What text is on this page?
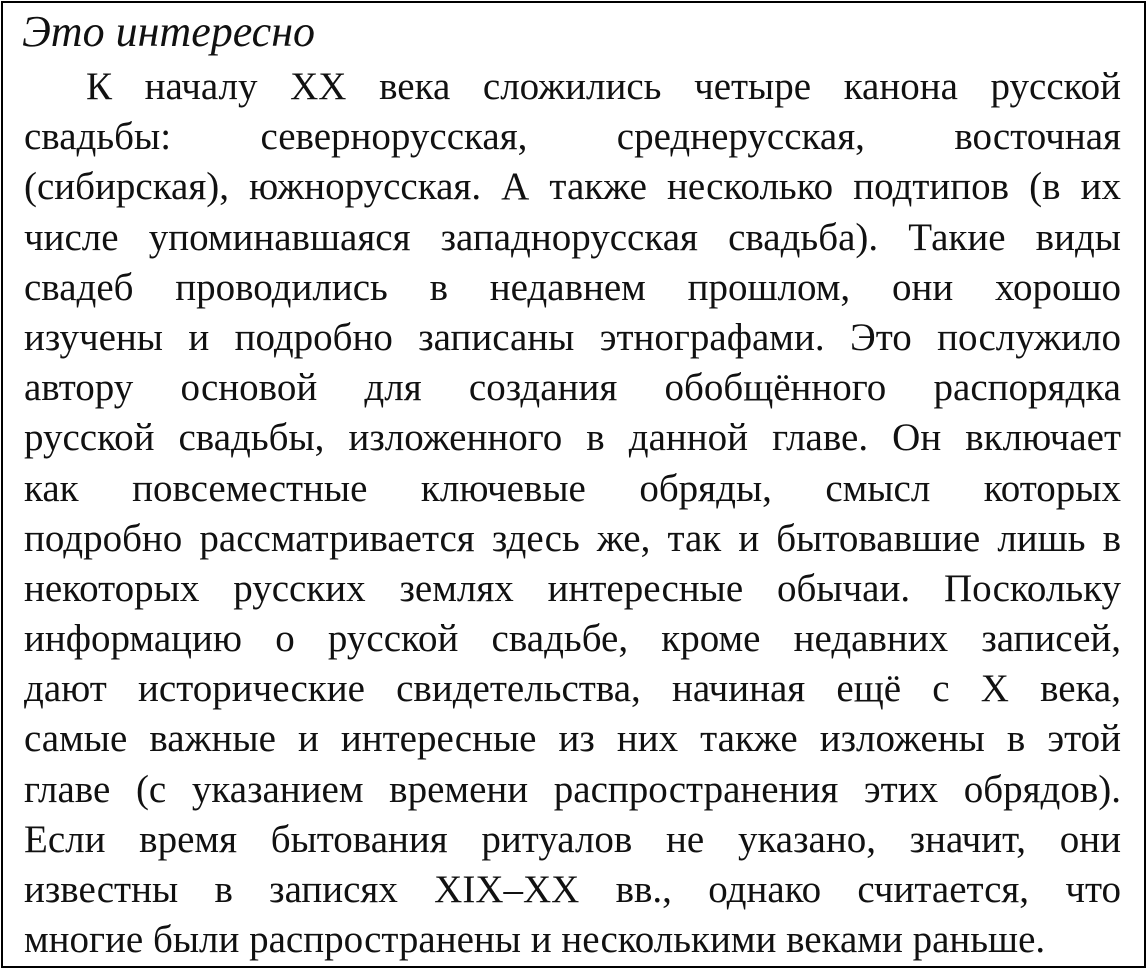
Это интересно
К началу XX века сложились четыре канона русской
свадьбы: севернорусская, среднерусская, восточная
(сибирская), южнорусская. А также несколько подтипов (в их
числе упоминавшаяся западнорусская свадьба). Такие виды
свадеб проводились в недавнем прошлом, они хорошо
изучены и подробно записаны этнографами. Это послужило
автору основой для создания обобщённого распорядка
русской свадьбы, изложенного в данной главе. Он включает
как повсеместные ключевые обряды, смысл которых
подробно рассматривается здесь же, так и бытовавшие лишь в
некоторых русских землях интересные обычаи. Поскольку
информацию о русской свадьбе, кроме недавних записей,
дают исторические свидетельства, начиная ещё с X века,
самые важные и интересные из них также изложены в этой
главе (с указанием времени распространения этих обрядов).
Если время бытования ритуалов не указано, значит, они
известны в записях XIX–XX вв., однако считается, что
многие были распространены и несколькими веками раньше.
